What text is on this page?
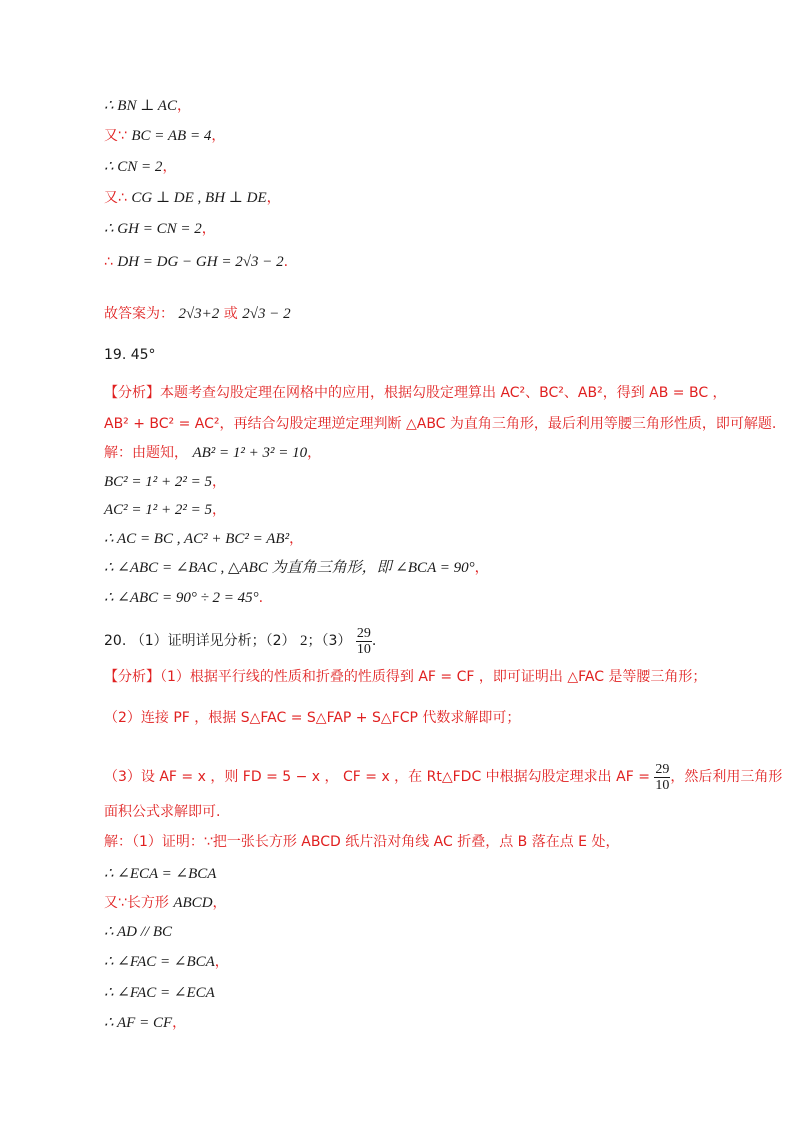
∴ BN ⊥ AC，
又∵ BC = AB = 4，
∴ CN = 2，
又∴ CG ⊥ DE , BH ⊥ DE，
∴ GH = CN = 2，
∴ DH = DG − GH = 2√3 − 2.
故答案为： 2√3+2 或 2√3 − 2
19. 45°
【分析】本题考查勾股定理在网格中的应用，根据勾股定理算出 AC²、BC²、AB²，得到 AB = BC ，
AB² + BC² = AC²，再结合勾股定理逆定理判断 △ABC 为直角三角形，最后利用等腰三角形性质，即可解题.
解：由题知， AB² = 1² + 3² = 10，
BC² = 1² + 2² = 5，
AC² = 1² + 2² = 5，
∴ AC = BC , AC² + BC² = AB²，
∴ ∠ABC = ∠BAC , △ABC 为直角三角形，即 ∠BCA = 90°，
∴ ∠ABC = 90° ÷ 2 = 45°.
20. （1）证明详见分析；（2） 2；$(3) \frac{29}{10}$ .
【分析】（1）根据平行线的性质和折叠的性质得到 AF = CF ，即可证明出 △FAC 是等腰三角形；
（2）连接 PF ，根据 S△FAC = S△FAP + S△FCP 代数求解即可；
（3）设 AF = x ，则 FD = 5 − x ， CF = x ，在 Rt△FDC 中根据勾股定理求出 AF = $\frac{29}{10}$ ，然后利用三角形
面积公式求解即可.
解：（1）证明：∵把一张长方形 ABCD 纸片沿对角线 AC 折叠，点 B 落在点 E 处，
∴ ∠ECA = ∠BCA
又∵长方形 ABCD，
∴ AD // BC
∴ ∠FAC = ∠BCA，
∴ ∠FAC = ∠ECA
∴ AF = CF，
